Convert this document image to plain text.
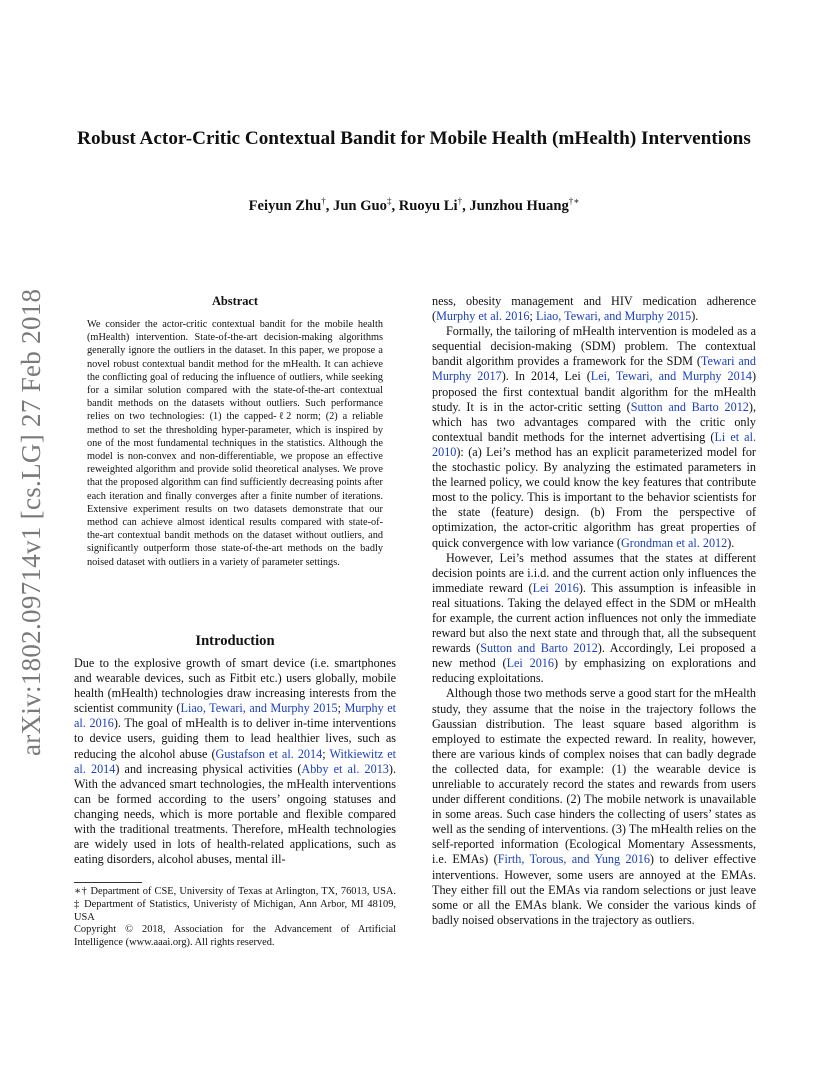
arXiv:1802.09714v1 [cs.LG] 27 Feb 2018
Robust Actor-Critic Contextual Bandit for Mobile Health (mHealth) Interventions
Feiyun Zhu†, Jun Guo‡, Ruoyu Li†, Junzhou Huang†∗
Abstract
We consider the actor-critic contextual bandit for the mobile health (mHealth) intervention. State-of-the-art decision-making algorithms generally ignore the outliers in the dataset. In this paper, we propose a novel robust contextual bandit method for the mHealth. It can achieve the conflicting goal of reducing the influence of outliers, while seeking for a similar solution compared with the state-of-the-art contextual bandit methods on the datasets without outliers. Such performance relies on two technologies: (1) the capped-ℓ2 norm; (2) a reliable method to set the thresholding hyper-parameter, which is inspired by one of the most fundamental techniques in the statistics. Although the model is non-convex and non-differentiable, we propose an effective reweighted algorithm and provide solid theoretical analyses. We prove that the proposed algorithm can find sufficiently decreasing points after each iteration and finally converges after a finite number of iterations. Extensive experiment results on two datasets demonstrate that our method can achieve almost identical results compared with state-of-the-art contextual bandit methods on the dataset without outliers, and significantly outperform those state-of-the-art methods on the badly noised dataset with outliers in a variety of parameter settings.
Introduction

Due to the explosive growth of smart device (i.e. smartphones and wearable devices, such as Fitbit etc.) users globally, mobile health (mHealth) technologies draw increasing interests from the scientist community (Liao, Tewari, and Murphy 2015; Murphy et al. 2016). The goal of mHealth is to deliver in-time interventions to device users, guiding them to lead healthier lives, such as reducing the alcohol abuse (Gustafson et al. 2014; Witkiewitz et al. 2014) and increasing physical activities (Abby et al. 2013). With the advanced smart technologies, the mHealth interventions can be formed according to the users’ ongoing statuses and changing needs, which is more portable and flexible compared with the traditional treatments. Therefore, mHealth technologies are widely used in lots of health-related applications, such as eating disorders, alcohol abuses, mental ill-

∗† Department of CSE, University of Texas at Arlington, TX, 76013, USA. ‡ Department of Statistics, Univeristy of Michigan, Ann Arbor, MI 48109, USA

Copyright © 2018, Association for the Advancement of Artificial Intelligence (www.aaai.org). All rights reserved.

ness, obesity management and HIV medication adherence (Murphy et al. 2016; Liao, Tewari, and Murphy 2015).

Formally, the tailoring of mHealth intervention is modeled as a sequential decision-making (SDM) problem. The contextual bandit algorithm provides a framework for the SDM (Tewari and Murphy 2017). In 2014, Lei (Lei, Tewari, and Murphy 2014) proposed the first contextual bandit algorithm for the mHealth study. It is in the actor-critic setting (Sutton and Barto 2012), which has two advantages compared with the critic only contextual bandit methods for the internet advertising (Li et al. 2010): (a) Lei’s method has an explicit parameterized model for the stochastic policy. By analyzing the estimated parameters in the learned policy, we could know the key features that contribute most to the policy. This is important to the behavior scientists for the state (feature) design. (b) From the perspective of optimization, the actor-critic algorithm has great properties of quick convergence with low variance (Grondman et al. 2012).

However, Lei’s method assumes that the states at different decision points are i.i.d. and the current action only influences the immediate reward (Lei 2016). This assumption is infeasible in real situations. Taking the delayed effect in the SDM or mHealth for example, the current action influences not only the immediate reward but also the next state and through that, all the subsequent rewards (Sutton and Barto 2012). Accordingly, Lei proposed a new method (Lei 2016) by emphasizing on explorations and reducing exploitations.

Although those two methods serve a good start for the mHealth study, they assume that the noise in the trajectory follows the Gaussian distribution. The least square based algorithm is employed to estimate the expected reward. In reality, however, there are various kinds of complex noises that can badly degrade the collected data, for example: (1) the wearable device is unreliable to accurately record the states and rewards from users under different conditions. (2) The mobile network is unavailable in some areas. Such case hinders the collecting of users’ states as well as the sending of interventions. (3) The mHealth relies on the self-reported information (Ecological Momentary Assessments, i.e. EMAs) (Firth, Torous, and Yung 2016) to deliver effective interventions. However, some users are annoyed at the EMAs. They either fill out the EMAs via random selections or just leave some or all the EMAs blank. We consider the various kinds of badly noised observations in the trajectory as outliers.
